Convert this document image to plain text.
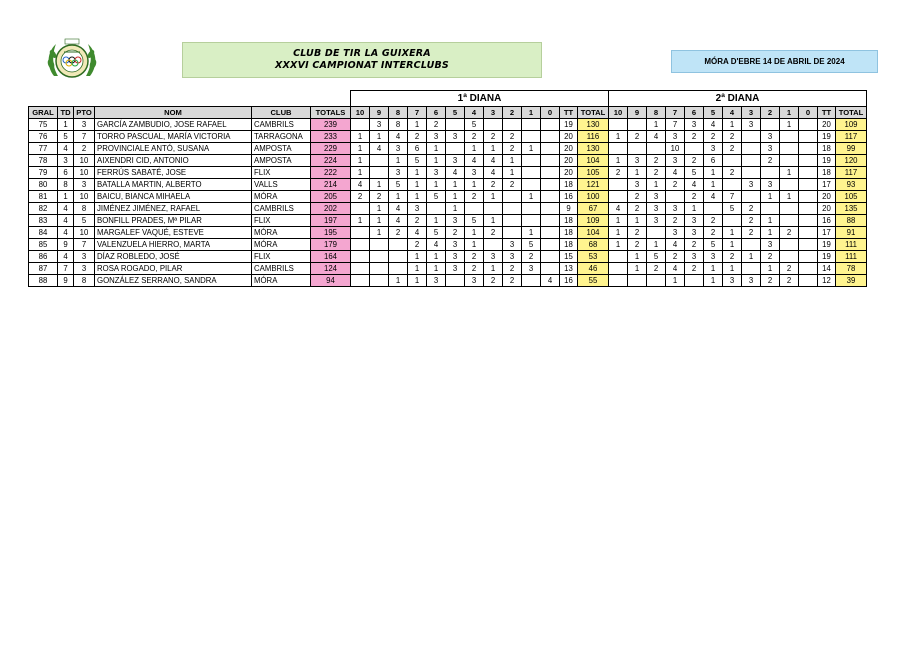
CLUB DE TIR LA GUIXERA
XXXVI CAMPIONAT INTERCLUBS	MÓRA D'EBRE 14 DE ABRIL DE 2024
						1ª DIANA													2ª DIANA												
GRAL	TD	PTO	NOM	CLUB	TOTALS	10	9	8	7	6	5	4	3	2	1	0	TT	TOTAL	10	9	8	7	6	5	4	3	2	1	0	TT	TOTAL
75	1	3	GARCÍA ZAMBUDIO, JOSE RAFAEL	CAMBRILS	239		3	8	1	2		5					19	130			1	7	3	4	1	3		1		20	109
76	5	7	TORRO PASCUAL, MARÍA VICTORIA	TARRAGONA	233	1	1	4	2	3	3	2	2	2			20	116	1	2	4	3	2	2	2		3			19	117
77	4	2	PROVINCIALE ANTÓ, SUSANA	AMPOSTA	229	1	4	3	6	1		1	1	2	1		20	130				10		3	2		3			18	99
78	3	10	AIXENDRI CID, ANTONIO	AMPOSTA	224	1		1	5	1	3	4	4	1			20	104	1	3	2	3	2	6			2			19	120
79	6	10	FERRÚS SABATÉ, JOSE	FLIX	222	1		3	1	3	4	3	4	1			20	105	2	1	2	4	5	1	2			1		18	117
80	8	3	BATALLA MARTIN, ALBERTO	VALLS	214	4	1	5	1	1	1	1	2	2			18	121		3	1	2	4	1		3	3			17	93
81	1	10	BAICU, BIANCA MIHAELA	MÓRA	205	2	2	1	1	5	1	2	1		1		16	100		2	3		2	4	7		1	1		20	105
82	4	8	JIMÉNEZ JIMÉNEZ, RAFAEL	CAMBRILS	202		1	4	3		1						9	67	4	2	3	3	1		5	2				20	135
83	4	5	BONFILL PRADES, Mª PILAR	FLIX	197	1	1	4	2	1	3	5	1				18	109	1	1	3	2	3	2		2	1			16	88
84	4	10	MARGALEF VAQUÉ, ESTEVE	MÓRA	195		1	2	4	5	2	1	2		1		18	104	1	2		3	3	2	1	2	1	2		17	91
85	9	7	VALENZUELA HIERRO, MARTA	MÓRA	179				2	4	3	1		3	5		18	68	1	2	1	4	2	5	1		3			19	111
86	4	3	DÍAZ ROBLEDO, JOSÉ	FLIX	164				1	1	3	2	3	3	2		15	53		1	5	2	3	3	2	1	2			19	111
87	7	3	ROSA ROGADO, PILAR	CAMBRILS	124				1	1	3	2	1	2	3		13	46		1	2	4	2	1	1		1	2		14	78
88	9	8	GONZÁLEZ SERRANO, SANDRA	MÓRA	94			1	1	3		3	2	2		4	16	55				1		1	3	3	2	2		12	39
